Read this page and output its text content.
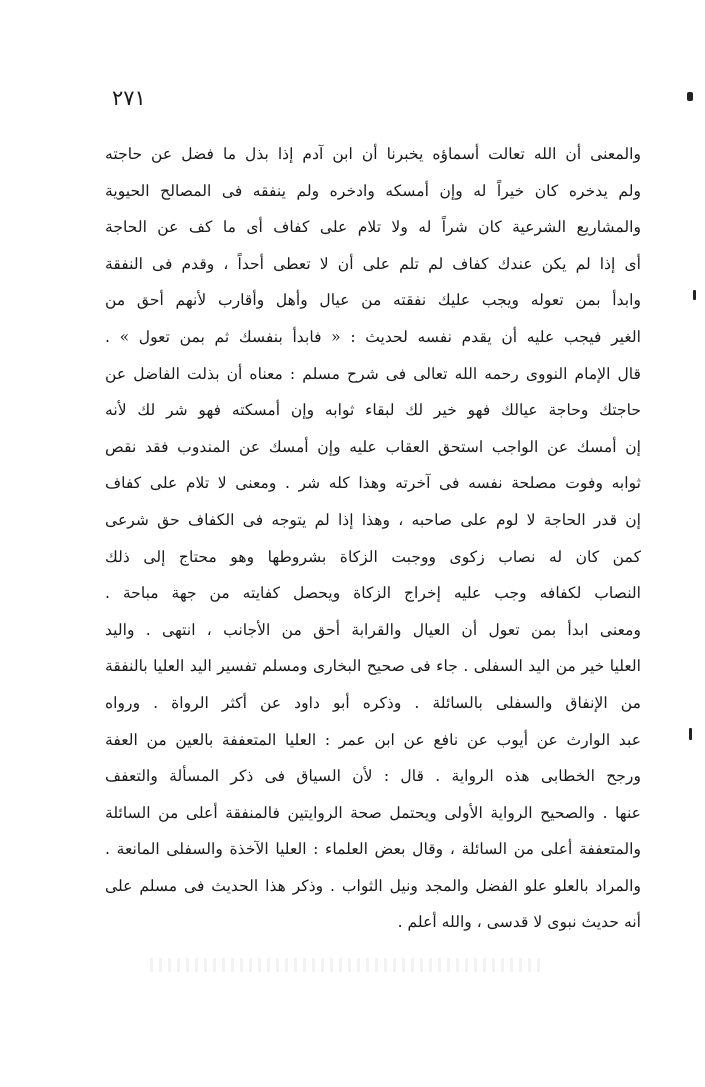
٢٧١
والمعنى أن الله تعالت أسماؤه يخبرنا أن ابن آدم إذا بذل ما فضل عن حاجته
ولم يدخره كان خيراً له وإن أمسكه وادخره ولم ينفقه فى المصالح الحيوية
والمشاريع الشرعية كان شراً له ولا تلام على كفاف أى ما كف عن الحاجة
أى إذا لم يكن عندك كفاف لم تلم على أن لا تعطى أحداً ، وقدم فى النفقة
وابدأ بمن تعوله ويجب عليك نفقته من عيال وأهل وأقارب لأنهم أحق من
الغير فيجب عليه أن يقدم نفسه لحديث : « فابدأ بنفسك ثم بمن تعول » .
قال الإمام النووى رحمه الله تعالى فى شرح مسلم : معناه أن بذلت الفاضل عن
حاجتك وحاجة عيالك فهو خير لك لبقاء ثوابه وإن أمسكته فهو شر لك لأنه
إن أمسك عن الواجب استحق العقاب عليه وإن أمسك عن المندوب فقد نقص
ثوابه وفوت مصلحة نفسه فى آخرته وهذا كله شر . ومعنى لا تلام على كفاف
إن قدر الحاجة لا لوم على صاحبه ، وهذا إذا لم يتوجه فى الكفاف حق شرعى
كمن كان له نصاب زكوى ووجبت الزكاة بشروطها وهو محتاج إلى ذلك
النصاب لكفافه وجب عليه إخراج الزكاة ويحصل كفايته من جهة مباحة .
ومعنى ابدأ بمن تعول أن العيال والقرابة أحق من الأجانب ، انتهى . واليد
العليا خير من اليد السفلى . جاء فى صحيح البخارى ومسلم تفسير اليد العليا بالنفقة
من الإنفاق والسفلى بالسائلة . وذكره أبو داود عن أكثر الرواة . ورواه
عبد الوارث عن أيوب عن نافع عن ابن عمر : العليا المتعففة بالعين من العفة
ورجح الخطابى هذه الرواية . قال : لأن السياق فى ذكر المسألة والتعفف
عنها . والصحيح الرواية الأولى ويحتمل صحة الروايتين فالمنفقة أعلى من السائلة
والمتعففة أعلى من السائلة ، وقال بعض العلماء : العليا الآخذة والسفلى المانعة .
والمراد بالعلو علو الفضل والمجد ونيل الثواب . وذكر هذا الحديث فى مسلم على
أنه حديث نبوى لا قدسى ، والله أعلم .
